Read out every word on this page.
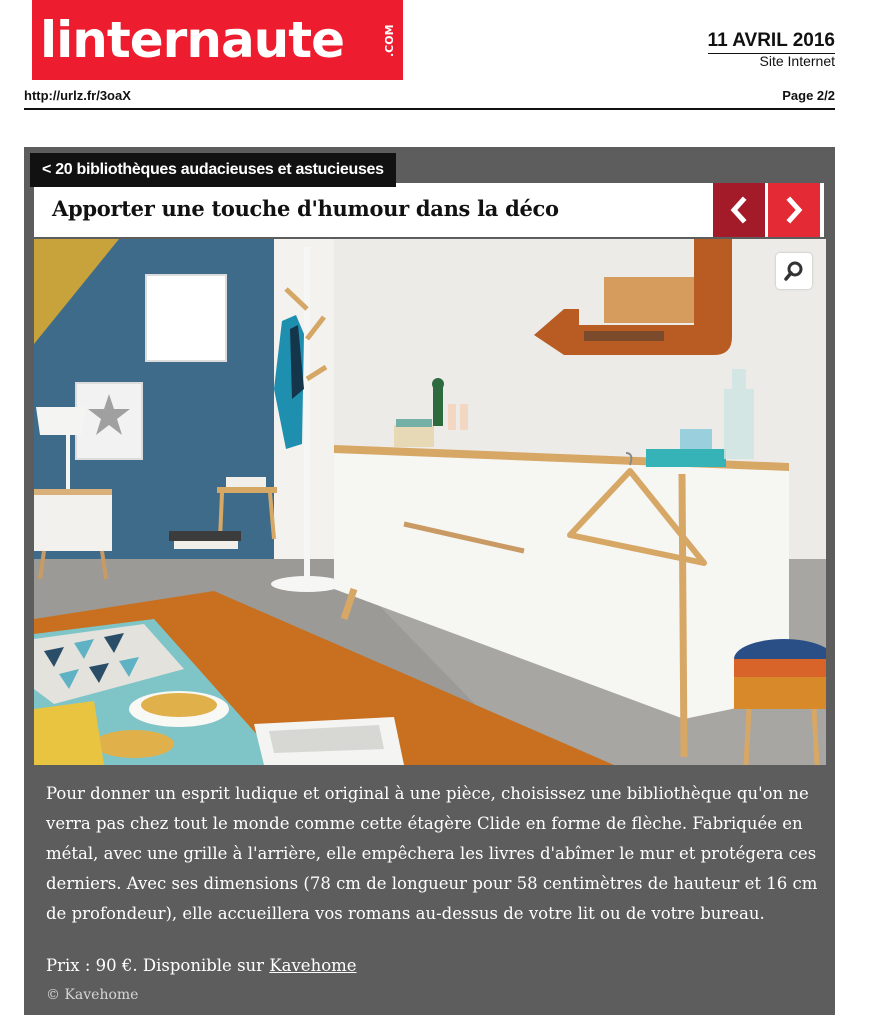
linternaute	.COM	11 AVRIL 2016
Site Internet
http://urlz.fr/3oaX	Page 2/2
Apporter une touche d'humour dans la déco
< 20 bibliothèques audacieuses et astucieuses

Pour donner un esprit ludique et original à une pièce, choisissez une bibliothèque qu'on ne verra pas chez tout le monde comme cette étagère Clide en forme de flèche. Fabriquée en métal, avec une grille à l'arrière, elle empêchera les livres d'abîmer le mur et protégera ces derniers. Avec ses dimensions (78 cm de longueur pour 58 centimètres de hauteur et 16 cm de profondeur), elle accueillera vos romans au-dessus de votre lit ou de votre bureau.

Prix : 90 €. Disponible sur Kavehome
© Kavehome
